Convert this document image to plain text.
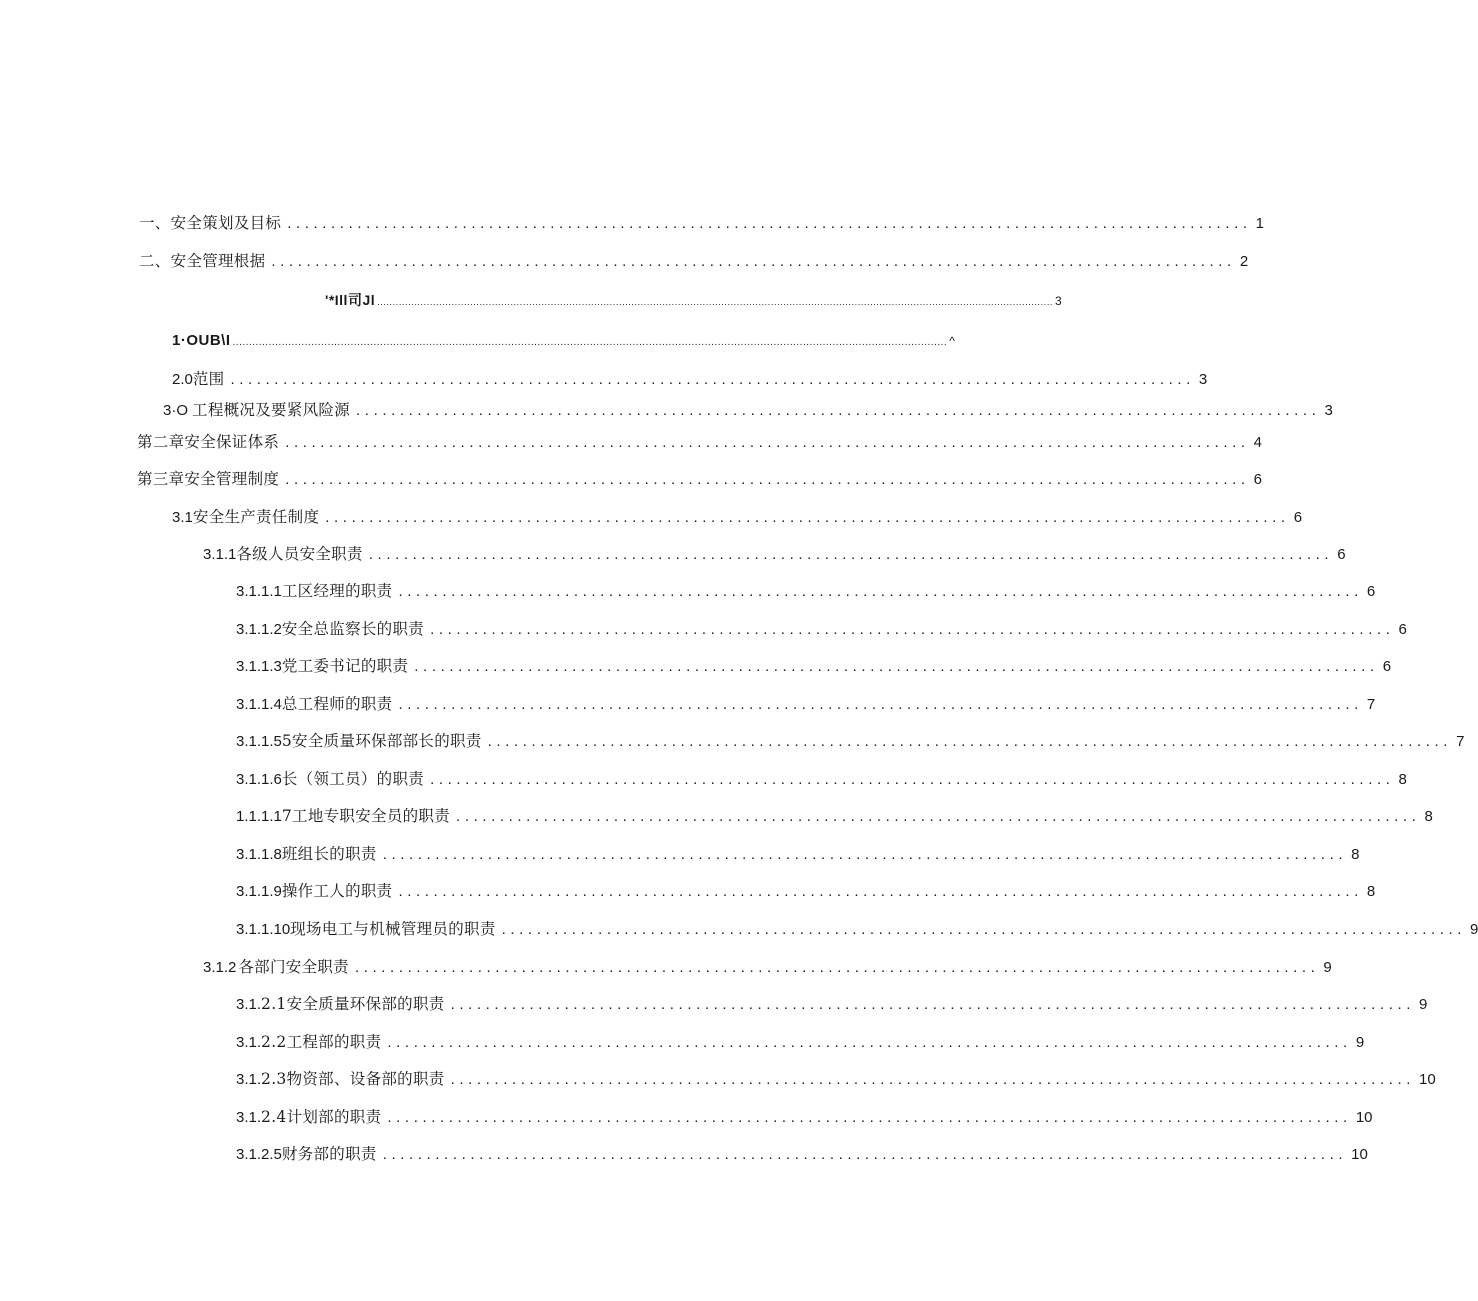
一、安全策划及目标 .............................................................................................................. 1
二、安全管理根据 .............................................................................................................. 2
'*Ill司Jl .......................................................................................................................................................................................................................... 3
1·OUB\I .......................................................................................................................................................................................................................... ^
2.0 范围 .............................................................................................................. 3
3·O 工程概况及要紧风险源 .............................................................................................................. 3
第二章安全保证体系 .............................................................................................................. 4
第三章安全管理制度 .............................................................................................................. 6
3.1 安全生产责任制度 .............................................................................................................. 6
3.1.1 各级人员安全职责 .............................................................................................................. 6
3.1.1.1 工区经理的职责 .............................................................................................................. 6
3.1.1.2 安全总监察长的职责 .............................................................................................................. 6
3.1.1.3 党工委书记的职责 .............................................................................................................. 6
3.1.1.4 总工程师的职责 .............................................................................................................. 7
3.1.1.5 5安全质量环保部部长的职责 .............................................................................................................. 7
3.1.1.6 长（领工员）的职责 .............................................................................................................. 8
1.1.1.1 7工地专职安全员的职责 .............................................................................................................. 8
3.1.1.8 班组长的职责 .............................................................................................................. 8
3.1.1.9 操作工人的职责 .............................................................................................................. 8
3.1.1.10 现场电工与机械管理员的职责 .............................................................................................................. 9
3.1.2 各部门安全职责 .............................................................................................................. 9
3.1. 2.1安全质量环保部的职责 .............................................................................................................. 9
3.1. 2.2工程部的职责 .............................................................................................................. 9
3.1. 2.3物资部、设备部的职责 .............................................................................................................. 10
3.1. 2.4计划部的职责 .............................................................................................................. 10
3.1.2.5 财务部的职责 .............................................................................................................. 10
